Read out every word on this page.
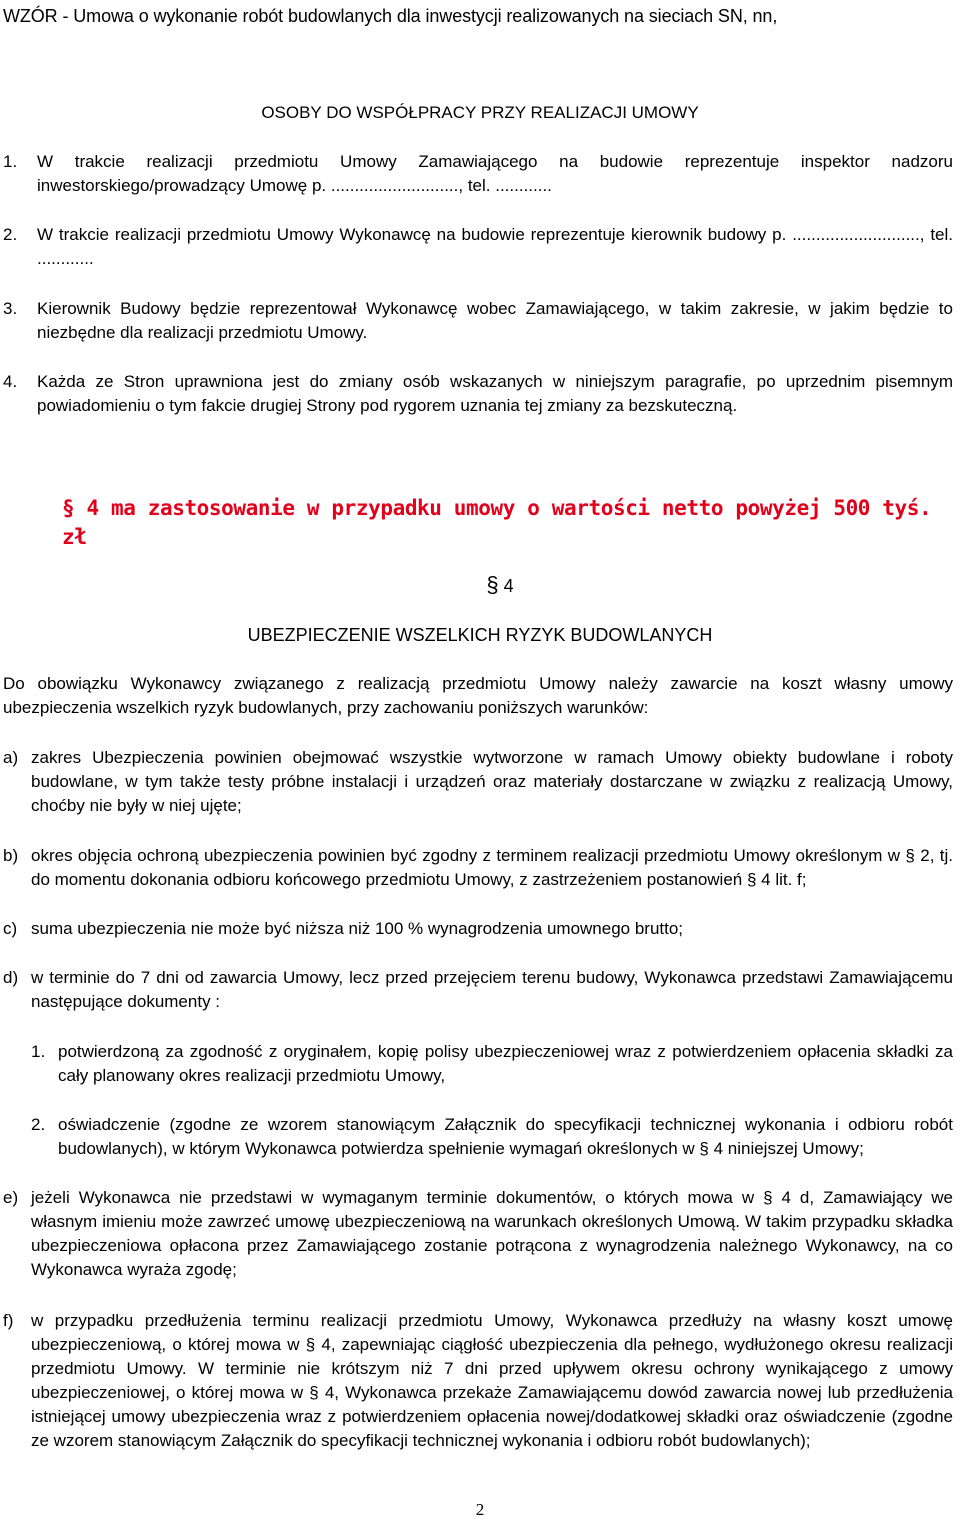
WZÓR - Umowa o wykonanie robót budowlanych dla inwestycji realizowanych na sieciach SN, nn,
OSOBY DO WSPÓŁPRACY PRZY REALIZACJI UMOWY
1. W trakcie realizacji przedmiotu Umowy Zamawiającego na budowie reprezentuje inspektor nadzoru inwestorskiego/prowadzący Umowę p. ..........................., tel. ............
2. W trakcie realizacji przedmiotu Umowy Wykonawcę na budowie reprezentuje kierownik budowy p. ..........................., tel. ............
3. Kierownik Budowy będzie reprezentował Wykonawcę wobec Zamawiającego, w takim zakresie, w jakim będzie to niezbędne dla realizacji przedmiotu Umowy.
4. Każda ze Stron uprawniona jest do zmiany osób wskazanych w niniejszym paragrafie, po uprzednim pisemnym powiadomieniu o tym fakcie drugiej Strony pod rygorem uznania tej zmiany za bezskuteczną.
§ 4 ma zastosowanie w przypadku umowy o wartości netto powyżej 500 tyś. zł
§ 4
UBEZPIECZENIE WSZELKICH RYZYK BUDOWLANYCH
Do obowiązku Wykonawcy związanego z realizacją przedmiotu Umowy należy zawarcie na koszt własny umowy ubezpieczenia wszelkich ryzyk budowlanych, przy zachowaniu poniższych warunków:
a) zakres Ubezpieczenia powinien obejmować wszystkie wytworzone w ramach Umowy obiekty budowlane i roboty budowlane, w tym także testy próbne instalacji i urządzeń oraz materiały dostarczane w związku z realizacją Umowy, choćby nie były w niej ujęte;
b) okres objęcia ochroną ubezpieczenia powinien być zgodny z terminem realizacji przedmiotu Umowy określonym w § 2, tj. do momentu dokonania odbioru końcowego przedmiotu Umowy, z zastrzeżeniem postanowień § 4 lit. f;
c) suma ubezpieczenia nie może być niższa niż 100 % wynagrodzenia umownego brutto;
d) w terminie do 7 dni od zawarcia Umowy, lecz przed przejęciem terenu budowy, Wykonawca przedstawi Zamawiającemu następujące dokumenty :
1. potwierdzoną za zgodność z oryginałem, kopię polisy ubezpieczeniowej wraz z potwierdzeniem opłacenia składki za cały planowany okres realizacji przedmiotu Umowy,
2. oświadczenie (zgodne ze wzorem stanowiącym Załącznik do specyfikacji technicznej wykonania i odbioru robót budowlanych), w którym Wykonawca potwierdza spełnienie wymagań określonych w § 4 niniejszej Umowy;
e) jeżeli Wykonawca nie przedstawi w wymaganym terminie dokumentów, o których mowa w § 4 d, Zamawiający we własnym imieniu może zawrzeć umowę ubezpieczeniową na warunkach określonych Umową. W takim przypadku składka ubezpieczeniowa opłacona przez Zamawiającego zostanie potrącona z wynagrodzenia należnego Wykonawcy, na co Wykonawca wyraża zgodę;
f) w przypadku przedłużenia terminu realizacji przedmiotu Umowy, Wykonawca przedłuży na własny koszt umowę ubezpieczeniową, o której mowa w § 4, zapewniając ciągłość ubezpieczenia dla pełnego, wydłużonego okresu realizacji przedmiotu Umowy. W terminie nie krótszym niż 7 dni przed upływem okresu ochrony wynikającego z umowy ubezpieczeniowej, o której mowa w § 4, Wykonawca przekaże Zamawiającemu dowód zawarcia nowej lub przedłużenia istniejącej umowy ubezpieczenia wraz z potwierdzeniem opłacenia nowej/dodatkowej składki oraz oświadczenie (zgodne ze wzorem stanowiącym Załącznik do specyfikacji technicznej wykonania i odbioru robót budowlanych);
2
